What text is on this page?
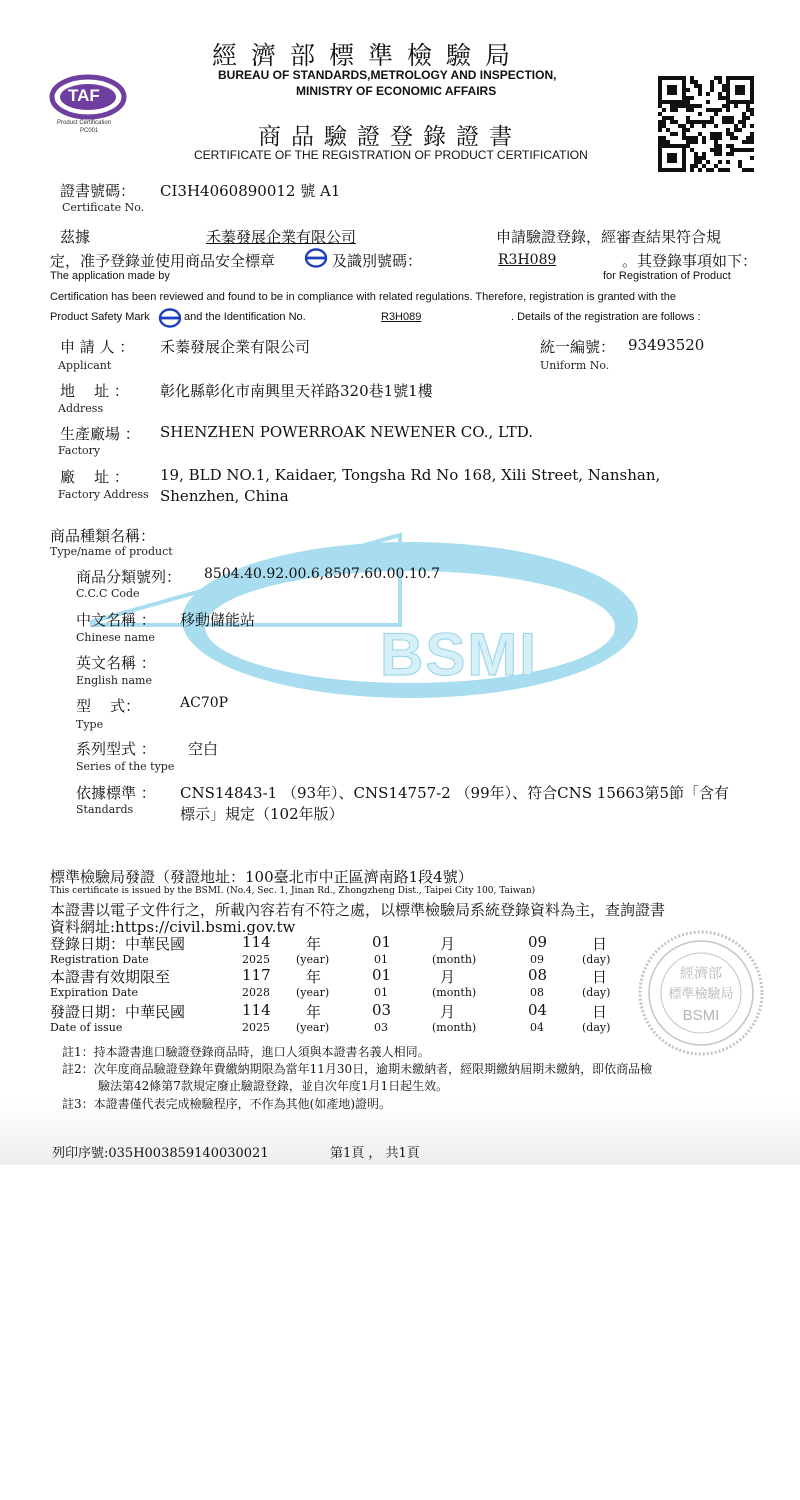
BSMI
經濟部標準檢驗局
BUREAU OF STANDARDS,METROLOGY AND INSPECTION,
MINISTRY OF ECONOMIC AFFAIRS
TAF
Product Certification
PC001	商品驗證登錄證書
CERTIFICATE OF THE REGISTRATION OF PRODUCT CERTIFICATION
證書號碼： CI3H4060890012 號 A1
Certificate No.
茲據	禾蓁發展企業有限公司	申請驗證登錄，經審查結果符合規
定，准予登錄並使用商品安全標章	及識別號碼：	R3H089	。其登錄事項如下：
The application made by	for Registration of Product
Certification has been reviewed and found to be in compliance with related regulations. Therefore, registration is granted with the
Product Safety Mark	and the Identification No.	R3H089	. Details of the registration are follows :
申 請 人 ： 禾蓁發展企業有限公司
Applicant
統一編號： 93493520
Uniform No.
地    址 ： 彰化縣彰化市南興里天祥路320巷1號1樓
Address
生產廠場 ： SHENZHEN POWERROAK NEWENER CO., LTD.
Factory
廠    址 ： 19, BLD NO.1, Kaidaer, Tongsha Rd No 168, Xili Street, Nanshan,
Factory Address Shenzhen, China
商品種類名稱：
Type/name of product
商品分類號列： 8504.40.92.00.6,8507.60.00.10.7
C.C.C Code
中文名稱 ： 移動儲能站
Chinese name
英文名稱 ：
English name
型    式：	AC70P
Type
系列型式 ： 空白
Series of the type
依據標準 ： CNS14843-1 （93年）、CNS14757-2 （99年）、符合CNS 15663第5節「含有
Standards	標示」規定（102年版）
標準檢驗局發證（發證地址：100臺北市中正區濟南路1段4號）
This certificate is issued by the BSMI. (No.4, Sec. 1, Jinan Rd., Zhongzheng Dist., Taipei City 100, Taiwan)
本證書以電子文件行之，所載內容若有不符之處，以標準檢驗局系統登錄資料為主，查詢證書
資料網址:https://civil.bsmi.gov.tw
經濟部
標準檢驗局
BSMI
登錄日期：中華民國	114 年	01	月	09	日
Registration Date	2025 (year)	01	(month)	09	(day)
本證書有效期限至	117 年	01	月	08	日
Expiration Date	2028 (year)	01	(month)	08	(day)
發證日期：中華民國	114 年	03	月	04	日
Date of issue	2025 (year)	03	(month)	04	(day)
註1：持本證書進口驗證登錄商品時，進口人須與本證書名義人相同。
註2：次年度商品驗證登錄年費繳納期限為當年11月30日，逾期未繳納者，經限期繳納屆期未繳納，即依商品檢
驗法第42條第7款規定廢止驗證登錄，並自次年度1月1日起生效。
註3：本證書僅代表完成檢驗程序，不作為其他(如產地)證明。
列印序號:035H003859140030021	第1頁 ， 共1頁
